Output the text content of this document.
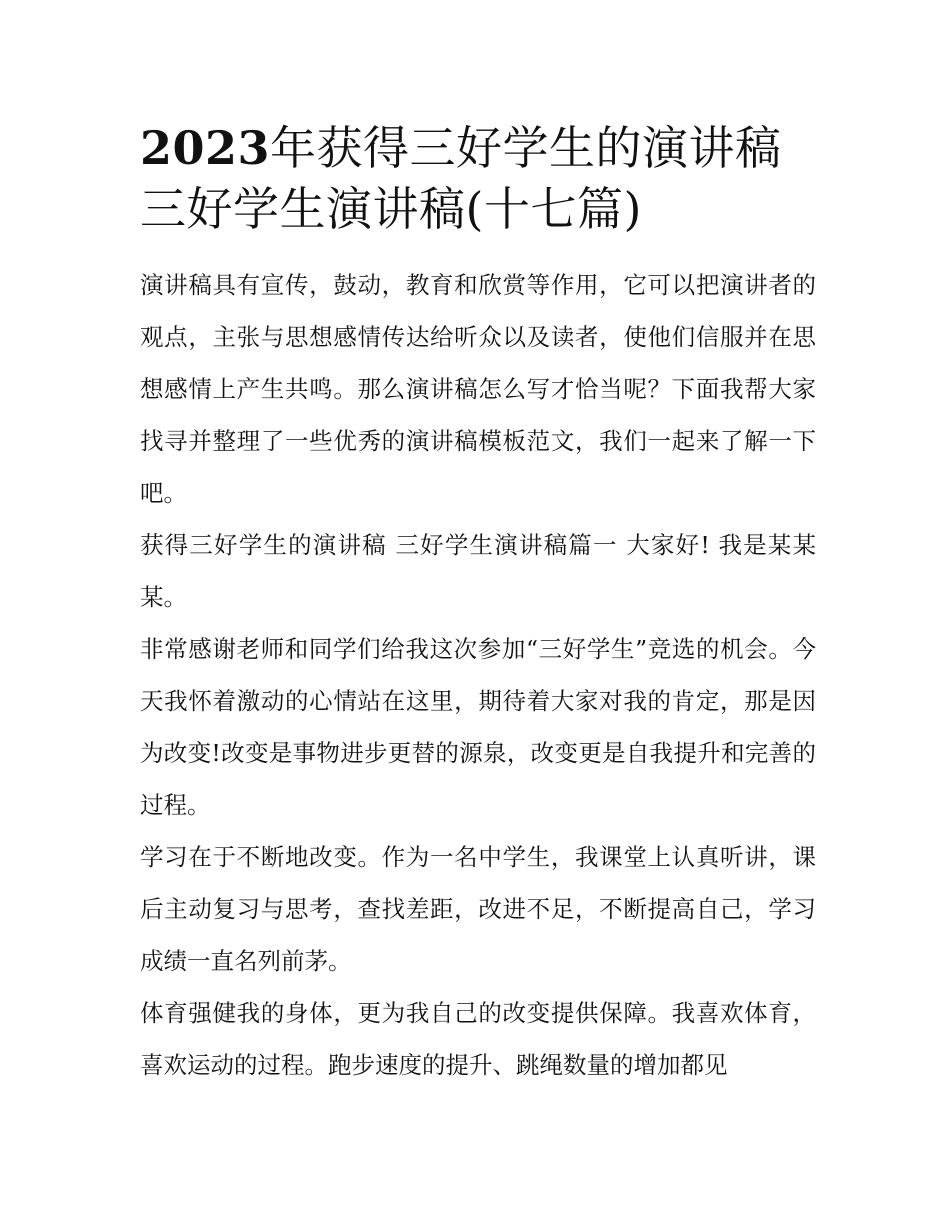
2023年获得三好学生的演讲稿
三好学生演讲稿(十七篇)

演讲稿具有宣传，鼓动，教育和欣赏等作用，它可以把演讲者的观点，主张与思想感情传达给听众以及读者，使他们信服并在思想感情上产生共鸣。那么演讲稿怎么写才恰当呢？下面我帮大家找寻并整理了一些优秀的演讲稿模板范文，我们一起来了解一下吧。

获得三好学生的演讲稿 三好学生演讲稿篇一 大家好! 我是某某某。

非常感谢老师和同学们给我这次参加“三好学生”竞选的机会。今天我怀着激动的心情站在这里，期待着大家对我的肯定，那是因为改变!改变是事物进步更替的源泉，改变更是自我提升和完善的过程。

学习在于不断地改变。作为一名中学生，我课堂上认真听讲，课后主动复习与思考，查找差距，改进不足，不断提高自己，学习成绩一直名列前茅。

体育强健我的身体，更为我自己的改变提供保障。我喜欢体育，喜欢运动的过程。跑步速度的提升、跳绳数量的增加都见
